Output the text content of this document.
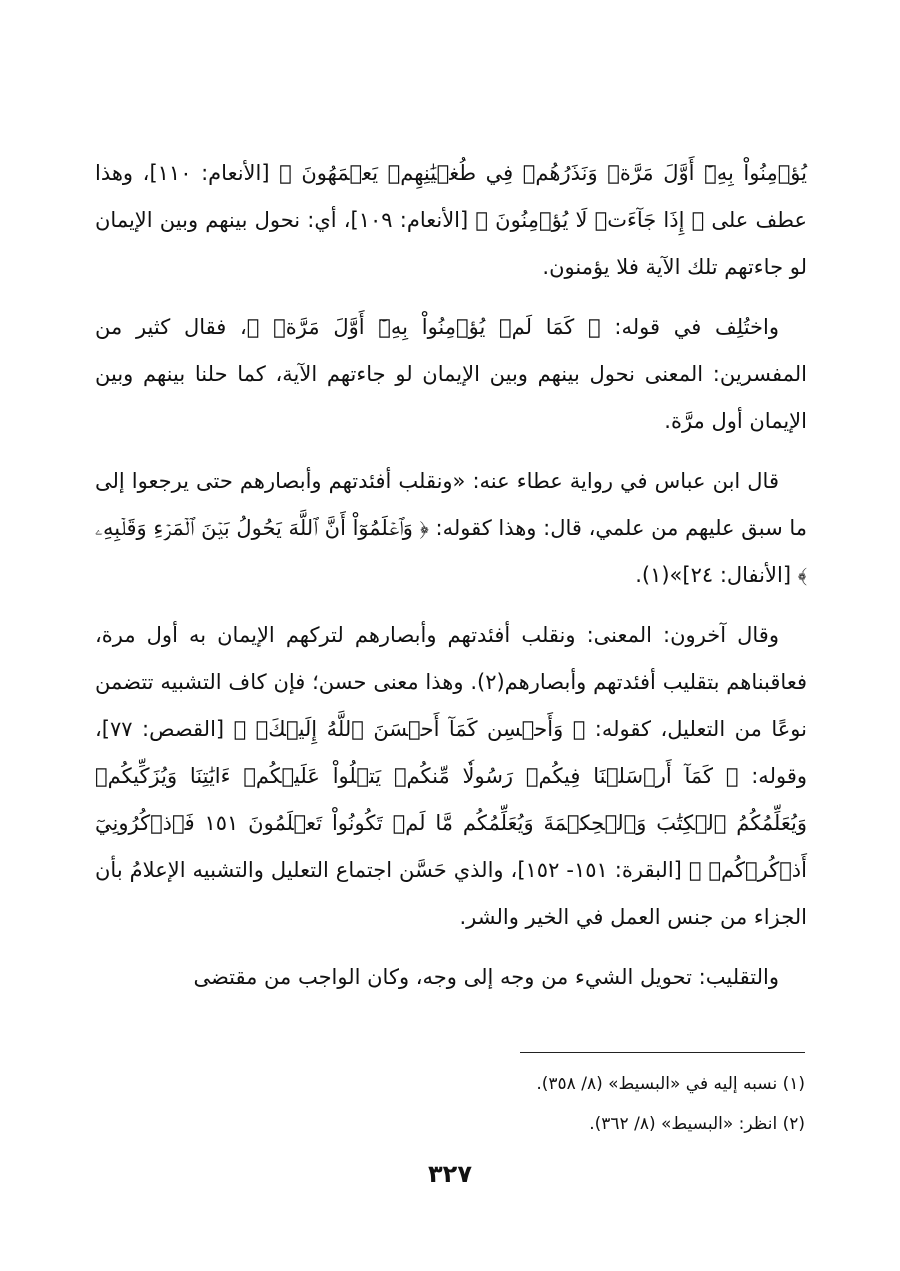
يُؤۡمِنُواْ بِهِۦٓ أَوَّلَ مَرَّةٖ وَنَذَرُهُمۡ فِي طُغۡيَٰنِهِمۡ يَعۡمَهُونَ ﴾ [الأنعام: ١١٠]، وهذا عطف على ﴿ إِذَا جَآءَتۡ لَا يُؤۡمِنُونَ ﴾ [الأنعام: ١٠٩]، أي: نحول بينهم وبين الإيمان لو جاءتهم تلك الآية فلا يؤمنون.

واختُلِف في قوله: ﴿ كَمَا لَمۡ يُؤۡمِنُواْ بِهِۦٓ أَوَّلَ مَرَّةٖ ﴾، فقال كثير من المفسرين: المعنى نحول بينهم وبين الإيمان لو جاءتهم الآية، كما حلنا بينهم وبين الإيمان أول مرَّة.

قال ابن عباس في رواية عطاء عنه: «ونقلب أفئدتهم وأبصارهم حتى يرجعوا إلى ما سبق عليهم من علمي، قال: وهذا كقوله: ﴿ وَٱعۡلَمُوٓاْ أَنَّ ٱللَّهَ يَحُولُ بَيۡنَ ٱلۡمَرۡءِ وَقَلۡبِهِۦ ﴾ [الأنفال: ٢٤]»(١).

وقال آخرون: المعنى: ونقلب أفئدتهم وأبصارهم لتركهم الإيمان به أول مرة، فعاقبناهم بتقليب أفئدتهم وأبصارهم(٢). وهذا معنى حسن؛ فإن كاف التشبيه تتضمن نوعًا من التعليل، كقوله: ﴿ وَأَحۡسِن كَمَآ أَحۡسَنَ ٱللَّهُ إِلَيۡكَۖ ﴾ [القصص: ٧٧]، وقوله: ﴿ كَمَآ أَرۡسَلۡنَا فِيكُمۡ رَسُولٗا مِّنكُمۡ يَتۡلُواْ عَلَيۡكُمۡ ءَايَٰتِنَا وَيُزَكِّيكُمۡ وَيُعَلِّمُكُمُ ٱلۡكِتَٰبَ وَٱلۡحِكۡمَةَ وَيُعَلِّمُكُم مَّا لَمۡ تَكُونُواْ تَعۡلَمُونَ ١٥١ فَٱذۡكُرُونِيٓ أَذۡكُرۡكُمۡ ﴾ [البقرة: ١٥١- ١٥٢]، والذي حَسَّن اجتماع التعليل والتشبيه الإعلامُ بأن الجزاء من جنس العمل في الخير والشر.

والتقليب: تحويل الشيء من وجه إلى وجه، وكان الواجب من مقتضى

(١) نسبه إليه في «البسيط» (٨/ ٣٥٨).
(٢) انظر: «البسيط» (٨/ ٣٦٢).
٣٢٧
